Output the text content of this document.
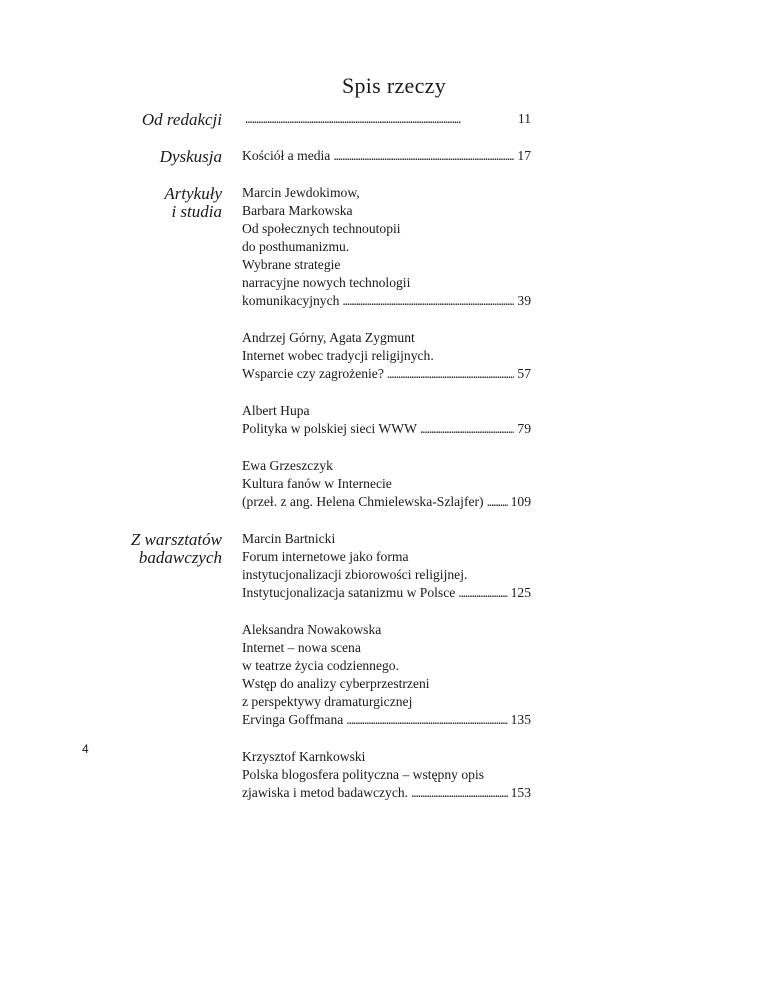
Spis rzeczy
Od redakcji . . .	11
Dyskusja Kościół a media . . .	17
Artykuły
i studia
Marcin Jewdokimow,
Barbara Markowska
Od społecznych technoutopii
do posthumanizmu.
Wybrane strategie
narracyjne nowych technologii
komunikacyjnych . . .	39
Andrzej Górny, Agata Zygmunt
Internet wobec tradycji religijnych.
Wsparcie czy zagrożenie? . . .	57
Albert Hupa
Polityka w polskiej sieci WWW . . .	79
Ewa Grzeszczyk
Kultura fanów w Internecie
(przeł. z ang. Helena Chmielewska-Szlajfer) . . . 109
Z warsztatów
badawczych
Marcin Bartnicki
Forum internetowe jako forma
instytucjonalizacji zbiorowości religijnej.
Instytucjonalizacja satanizmu w Polsce . . .	125
Aleksandra Nowakowska
Internet – nowa scena
w teatrze życia codziennego.
Wstęp do analizy cyberprzestrzeni
z perspektywy dramaturgicznej
Ervinga Goffmana . . .	135
Krzysztof Karnkowski
Polska blogosfera polityczna – wstępny opis
zjawiska i metod badawczych. . . .	153
4
